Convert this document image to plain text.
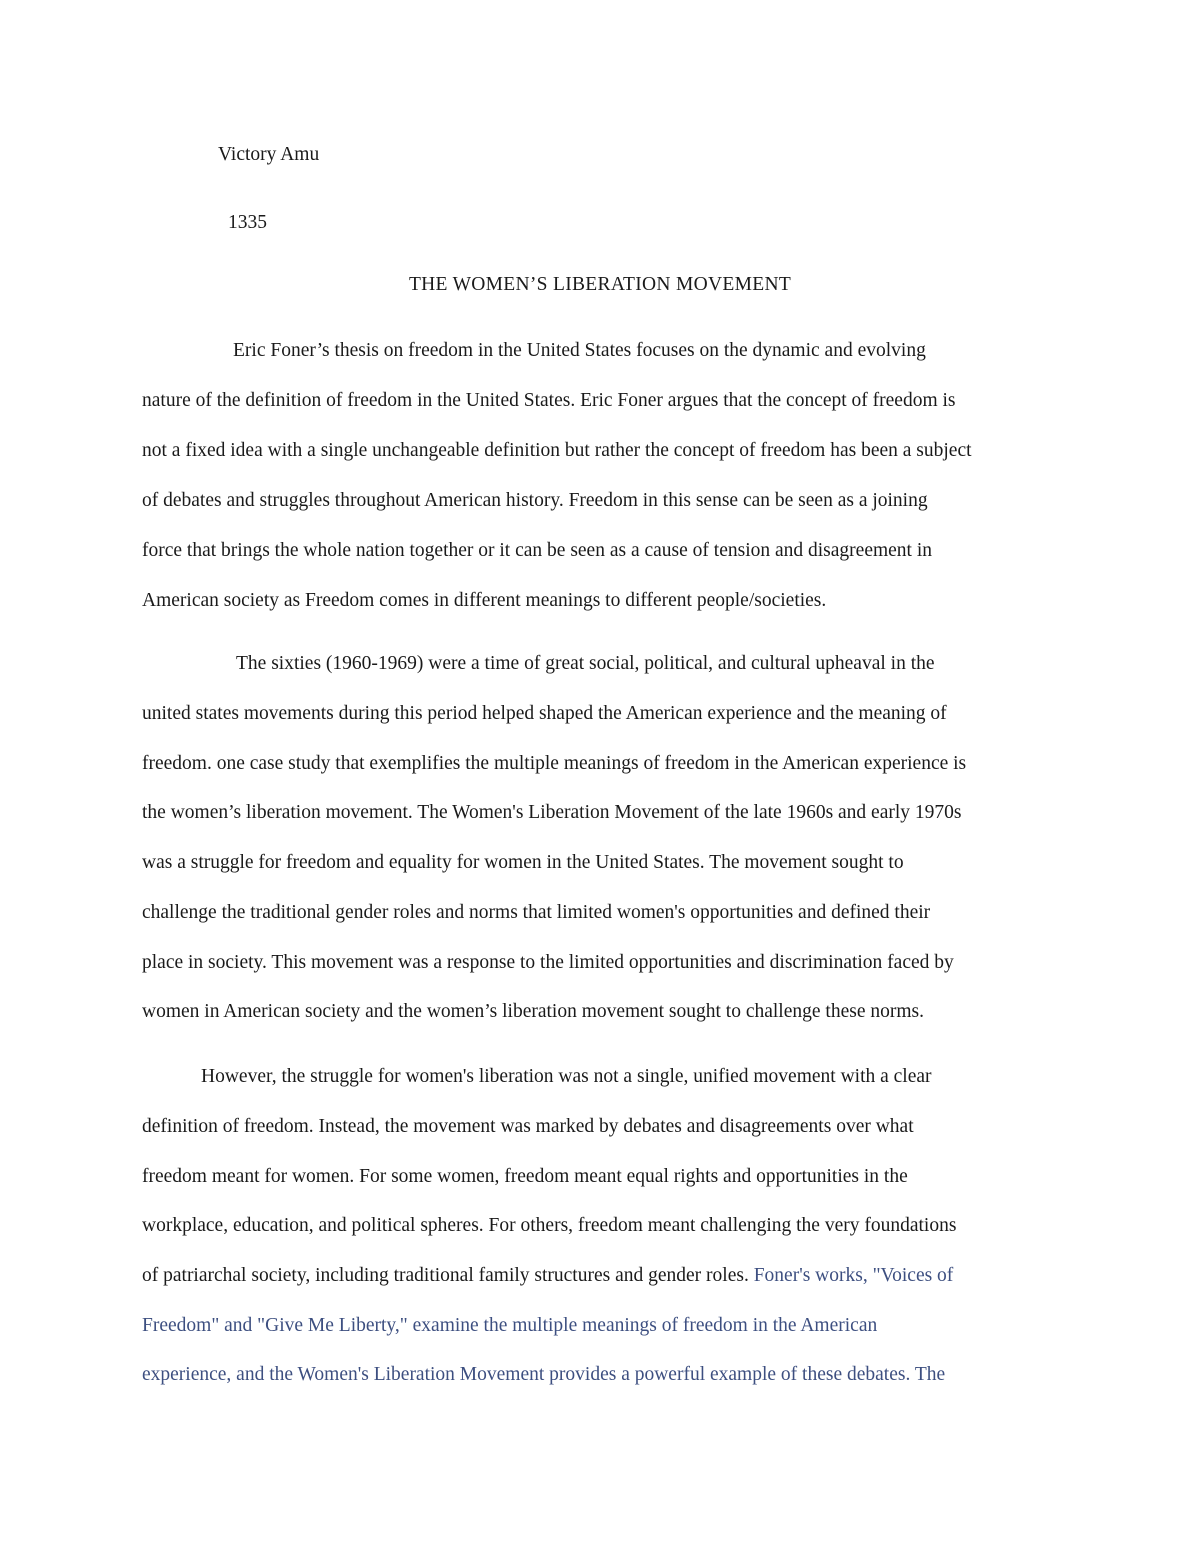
Victory Amu

1335

THE WOMEN’S LIBERATION MOVEMENT

Eric Foner’s thesis on freedom in the United States focuses on the dynamic and evolving

nature of the definition of freedom in the United States. Eric Foner argues that the concept of freedom is

not a fixed idea with a single unchangeable definition but rather the concept of freedom has been a subject

of debates and struggles throughout American history. Freedom in this sense can be seen as a joining

force that brings the whole nation together or it can be seen as a cause of tension and disagreement in

American society as Freedom comes in different meanings to different people/societies.

The sixties (1960-1969) were a time of great social, political, and cultural upheaval in the

united states movements during this period helped shaped the American experience and the meaning of

freedom. one case study that exemplifies the multiple meanings of freedom in the American experience is

the women’s liberation movement. The Women's Liberation Movement of the late 1960s and early 1970s

was a struggle for freedom and equality for women in the United States. The movement sought to

challenge the traditional gender roles and norms that limited women's opportunities and defined their

place in society. This movement was a response to the limited opportunities and discrimination faced by

women in American society and the women’s liberation movement sought to challenge these norms.

However, the struggle for women's liberation was not a single, unified movement with a clear

definition of freedom. Instead, the movement was marked by debates and disagreements over what

freedom meant for women. For some women, freedom meant equal rights and opportunities in the

workplace, education, and political spheres. For others, freedom meant challenging the very foundations

of patriarchal society, including traditional family structures and gender roles. Foner's works, "Voices of

Freedom" and "Give Me Liberty," examine the multiple meanings of freedom in the American

experience, and the Women's Liberation Movement provides a powerful example of these debates. The
